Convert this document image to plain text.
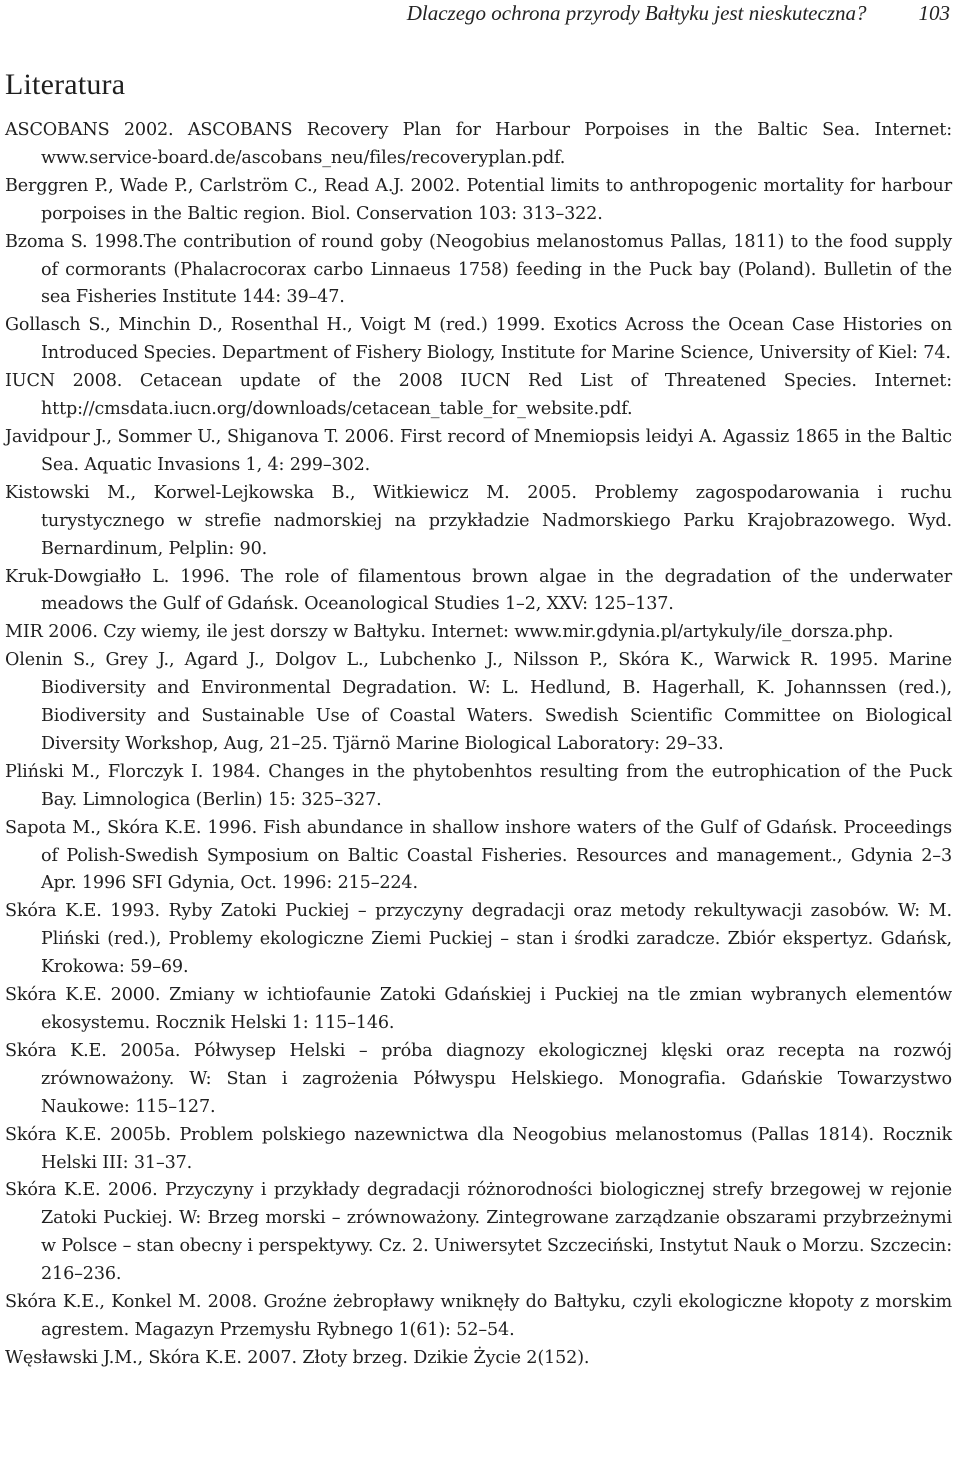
Dlaczego ochrona przyrody Bałtyku jest nieskuteczna? 103
Literatura

ASCOBANS 2002. ASCOBANS Recovery Plan for Harbour Porpoises in the Baltic Sea. Internet: www.service-board.de/ascobans_neu/files/recoveryplan.pdf.

Berggren P., Wade P., Carlström C., Read A.J. 2002. Potential limits to anthropogenic mortality for harbour porpoises in the Baltic region. Biol. Conservation 103: 313–322.

Bzoma S. 1998.The contribution of round goby (Neogobius melanostomus Pallas, 1811) to the food supply of cormorants (Phalacrocorax carbo Linnaeus 1758) feeding in the Puck bay (Poland). Bulletin of the sea Fisheries Institute 144: 39–47.

Gollasch S., Minchin D., Rosenthal H., Voigt M (red.) 1999. Exotics Across the Ocean Case Histories on Introduced Species. Department of Fishery Biology, Institute for Marine Science, University of Kiel: 74.

IUCN 2008. Cetacean update of the 2008 IUCN Red List of Threatened Species. Internet: http://cmsdata.iucn.org/downloads/cetacean_table_for_website.pdf.

Javidpour J., Sommer U., Shiganova T. 2006. First record of Mnemiopsis leidyi A. Agassiz 1865 in the Baltic Sea. Aquatic Invasions 1, 4: 299–302.

Kistowski M., Korwel-Lejkowska B., Witkiewicz M. 2005. Problemy zagospodarowania i ruchu turystycznego w strefie nadmorskiej na przykładzie Nadmorskiego Parku Krajobrazowego. Wyd. Bernardinum, Pelplin: 90.

Kruk-Dowgiałło L. 1996. The role of filamentous brown algae in the degradation of the underwater meadows the Gulf of Gdańsk. Oceanological Studies 1–2, XXV: 125–137.

MIR 2006. Czy wiemy, ile jest dorszy w Bałtyku. Internet: www.mir.gdynia.pl/artykuly/ile_dorsza.php.

Olenin S., Grey J., Agard J., Dolgov L., Lubchenko J., Nilsson P., Skóra K., Warwick R. 1995. Marine Biodiversity and Environmental Degradation. W: L. Hedlund, B. Hagerhall, K. Johannssen (red.), Biodiversity and Sustainable Use of Coastal Waters. Swedish Scientific Committee on Biological Diversity Workshop, Aug, 21–25. Tjärnö Marine Biological Laboratory: 29–33.

Pliński M., Florczyk I. 1984. Changes in the phytobenhtos resulting from the eutrophication of the Puck Bay. Limnologica (Berlin) 15: 325–327.

Sapota M., Skóra K.E. 1996. Fish abundance in shallow inshore waters of the Gulf of Gdańsk. Proceedings of Polish-Swedish Symposium on Baltic Coastal Fisheries. Resources and management., Gdynia 2–3 Apr. 1996 SFI Gdynia, Oct. 1996: 215–224.

Skóra K.E. 1993. Ryby Zatoki Puckiej – przyczyny degradacji oraz metody rekultywacji zasobów. W: M. Pliński (red.), Problemy ekologiczne Ziemi Puckiej – stan i środki zaradcze. Zbiór ekspertyz. Gdańsk, Krokowa: 59–69.

Skóra K.E. 2000. Zmiany w ichtiofaunie Zatoki Gdańskiej i Puckiej na tle zmian wybranych elementów ekosystemu. Rocznik Helski 1: 115–146.

Skóra K.E. 2005a. Półwysep Helski – próba diagnozy ekologicznej klęski oraz recepta na rozwój zrównoważony. W: Stan i zagrożenia Półwyspu Helskiego. Monografia. Gdańskie Towarzystwo Naukowe: 115–127.

Skóra K.E. 2005b. Problem polskiego nazewnictwa dla Neogobius melanostomus (Pallas 1814). Rocznik Helski III: 31–37.

Skóra K.E. 2006. Przyczyny i przykłady degradacji różnorodności biologicznej strefy brzegowej w rejonie Zatoki Puckiej. W: Brzeg morski – zrównoważony. Zintegrowane zarządzanie obszarami przybrzeżnymi w Polsce – stan obecny i perspektywy. Cz. 2. Uniwersytet Szczeciński, Instytut Nauk o Morzu. Szczecin: 216–236.

Skóra K.E., Konkel M. 2008. Groźne żebropławy wniknęły do Bałtyku, czyli ekologiczne kłopoty z morskim agrestem. Magazyn Przemysłu Rybnego 1(61): 52–54.

Węsławski J.M., Skóra K.E. 2007. Złoty brzeg. Dzikie Życie 2(152).
